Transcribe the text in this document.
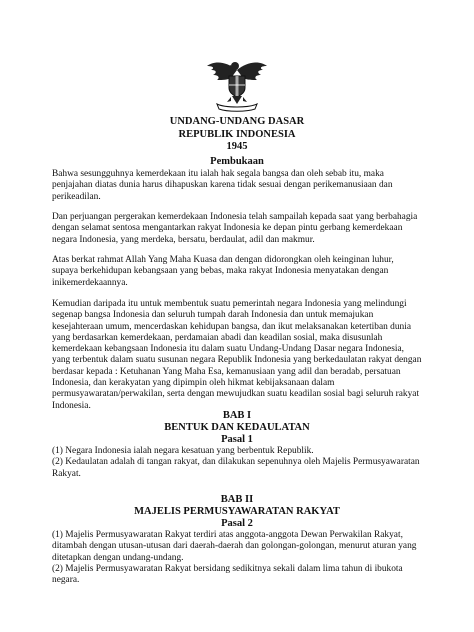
UNDANG-UNDANG DASAR
REPUBLIK INDONESIA
1945
Pembukaan

Bahwa sesungguhnya kemerdekaan itu ialah hak segala bangsa dan oleh sebab itu, maka penjajahan diatas dunia harus dihapuskan karena tidak sesuai dengan perikemanusiaan dan perikeadilan.

Dan perjuangan pergerakan kemerdekaan Indonesia telah sampailah kepada saat yang berbahagia dengan selamat sentosa mengantarkan rakyat Indonesia ke depan pintu gerbang kemerdekaan negara Indonesia, yang merdeka, bersatu, berdaulat, adil dan makmur.

Atas berkat rahmat Allah Yang Maha Kuasa dan dengan didorongkan oleh keinginan luhur, supaya berkehidupan kebangsaan yang bebas, maka rakyat Indonesia menyatakan dengan inikemerdekaannya.

Kemudian daripada itu untuk membentuk suatu pemerintah negara Indonesia yang melindungi segenap bangsa Indonesia dan seluruh tumpah darah Indonesia dan untuk memajukan kesejahteraan umum, mencerdaskan kehidupan bangsa, dan ikut melaksanakan ketertiban dunia yang berdasarkan kemerdekaan, perdamaian abadi dan keadilan sosial, maka disusunlah kemerdekaan kebangsaan Indonesia itu dalam suatu Undang-Undang Dasar negara Indonesia, yang terbentuk dalam suatu susunan negara Republik Indonesia yang berkedaulatan rakyat dengan berdasar kepada : Ketuhanan Yang Maha Esa, kemanusiaan yang adil dan beradab, persatuan Indonesia, dan kerakyatan yang dipimpin oleh hikmat kebijaksanaan dalam permusyawaratan/perwakilan, serta dengan mewujudkan suatu keadilan sosial bagi seluruh rakyat Indonesia.

BAB I
BENTUK DAN KEDAULATAN
Pasal 1

(1) Negara Indonesia ialah negara kesatuan yang berbentuk Republik.
(2) Kedaulatan adalah di tangan rakyat, dan dilakukan sepenuhnya oleh Majelis Permusyawaratan Rakyat.

BAB II
MAJELIS PERMUSYAWARATAN RAKYAT
Pasal 2

(1) Majelis Permusyawaratan Rakyat terdiri atas anggota-anggota Dewan Perwakilan Rakyat, ditambah dengan utusan-utusan dari daerah-daerah dan golongan-golongan, menurut aturan yang ditetapkan dengan undang-undang.
(2) Majelis Permusyawaratan Rakyat bersidang sedikitnya sekali dalam lima tahun di ibukota negara.
